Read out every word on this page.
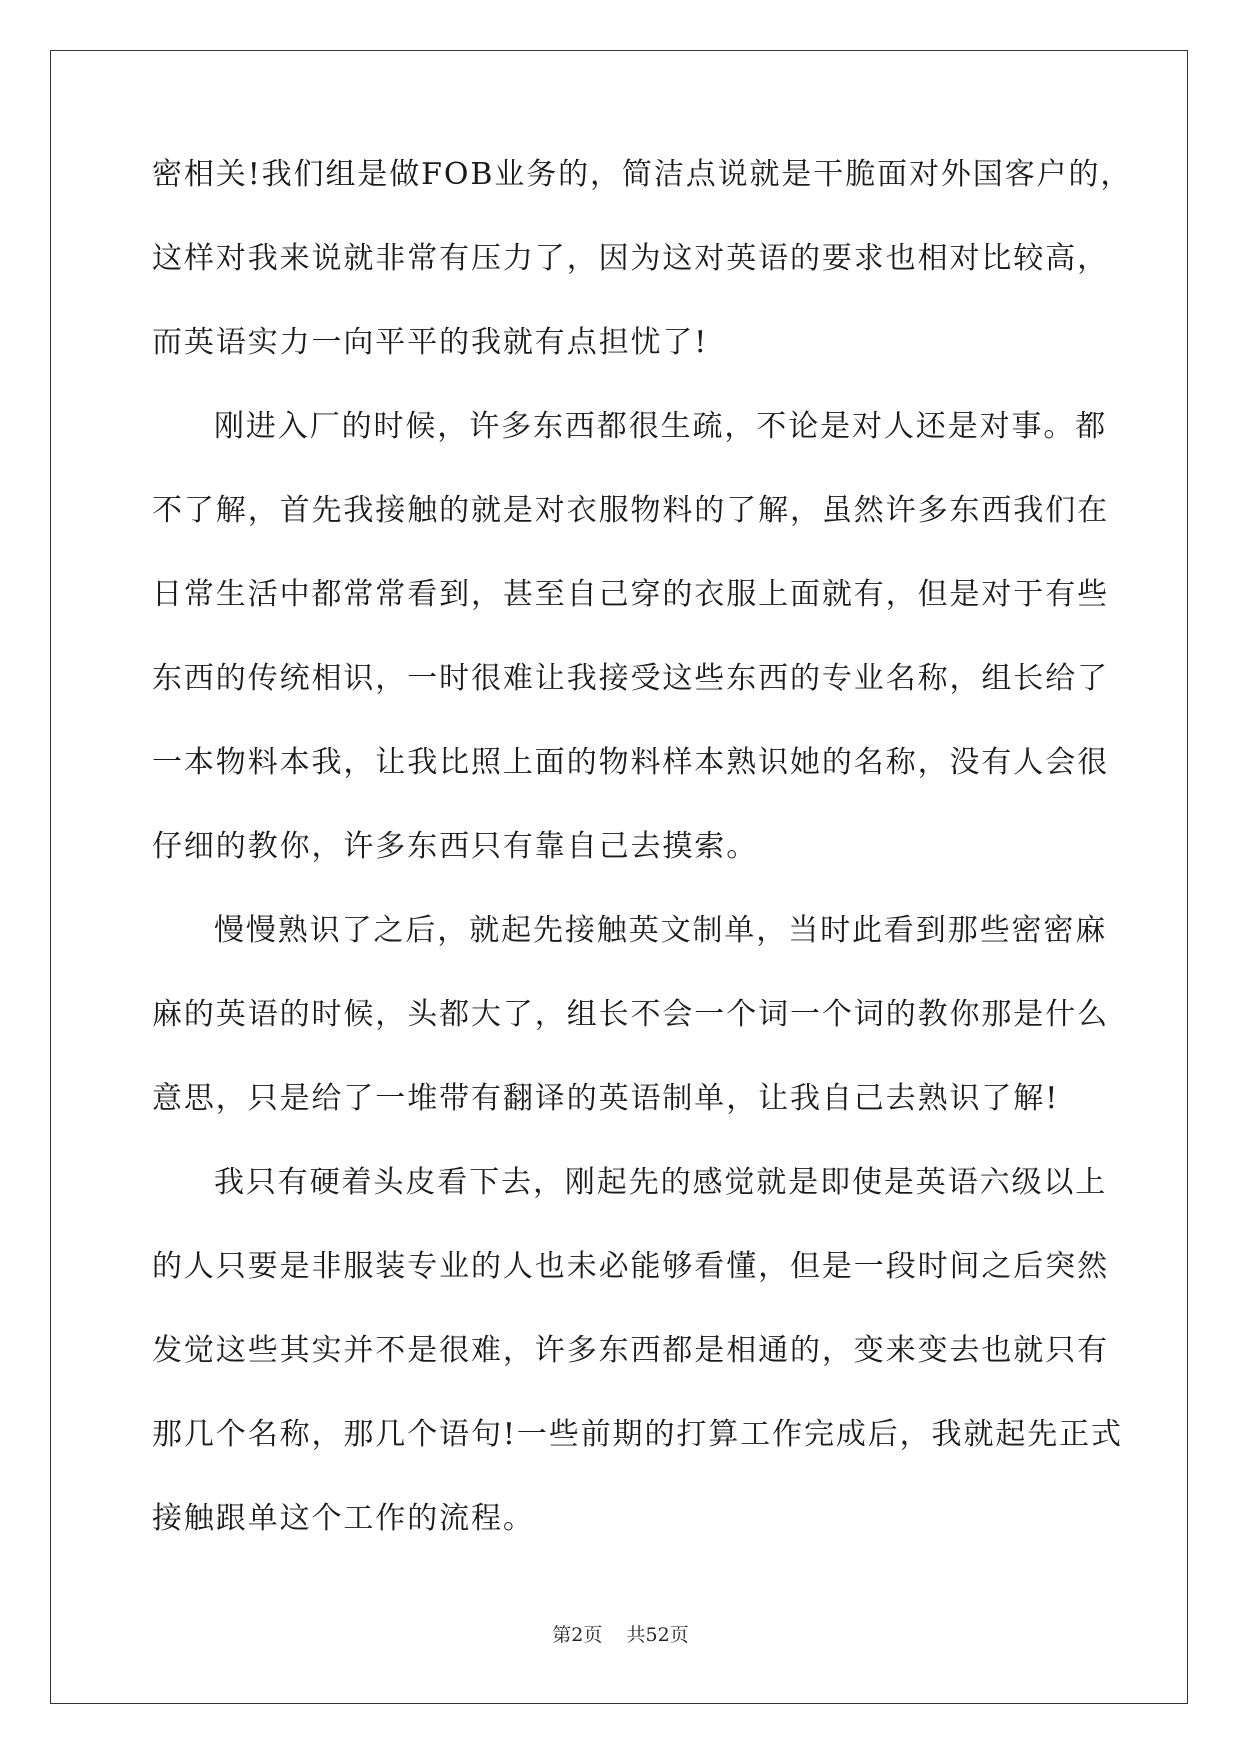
密相关!我们组是做FOB业务的，简洁点说就是干脆面对外国客户的，
这样对我来说就非常有压力了，因为这对英语的要求也相对比较高，
而英语实力一向平平的我就有点担忧了!
刚进入厂的时候，许多东西都很生疏，不论是对人还是对事。都
不了解，首先我接触的就是对衣服物料的了解，虽然许多东西我们在
日常生活中都常常看到，甚至自己穿的衣服上面就有，但是对于有些
东西的传统相识，一时很难让我接受这些东西的专业名称，组长给了
一本物料本我，让我比照上面的物料样本熟识她的名称，没有人会很
仔细的教你，许多东西只有靠自己去摸索。
慢慢熟识了之后，就起先接触英文制单，当时此看到那些密密麻
麻的英语的时候，头都大了，组长不会一个词一个词的教你那是什么
意思，只是给了一堆带有翻译的英语制单，让我自己去熟识了解!
我只有硬着头皮看下去，刚起先的感觉就是即使是英语六级以上
的人只要是非服装专业的人也未必能够看懂，但是一段时间之后突然
发觉这些其实并不是很难，许多东西都是相通的，变来变去也就只有
那几个名称，那几个语句!一些前期的打算工作完成后，我就起先正式
接触跟单这个工作的流程。
第2页 共52页
